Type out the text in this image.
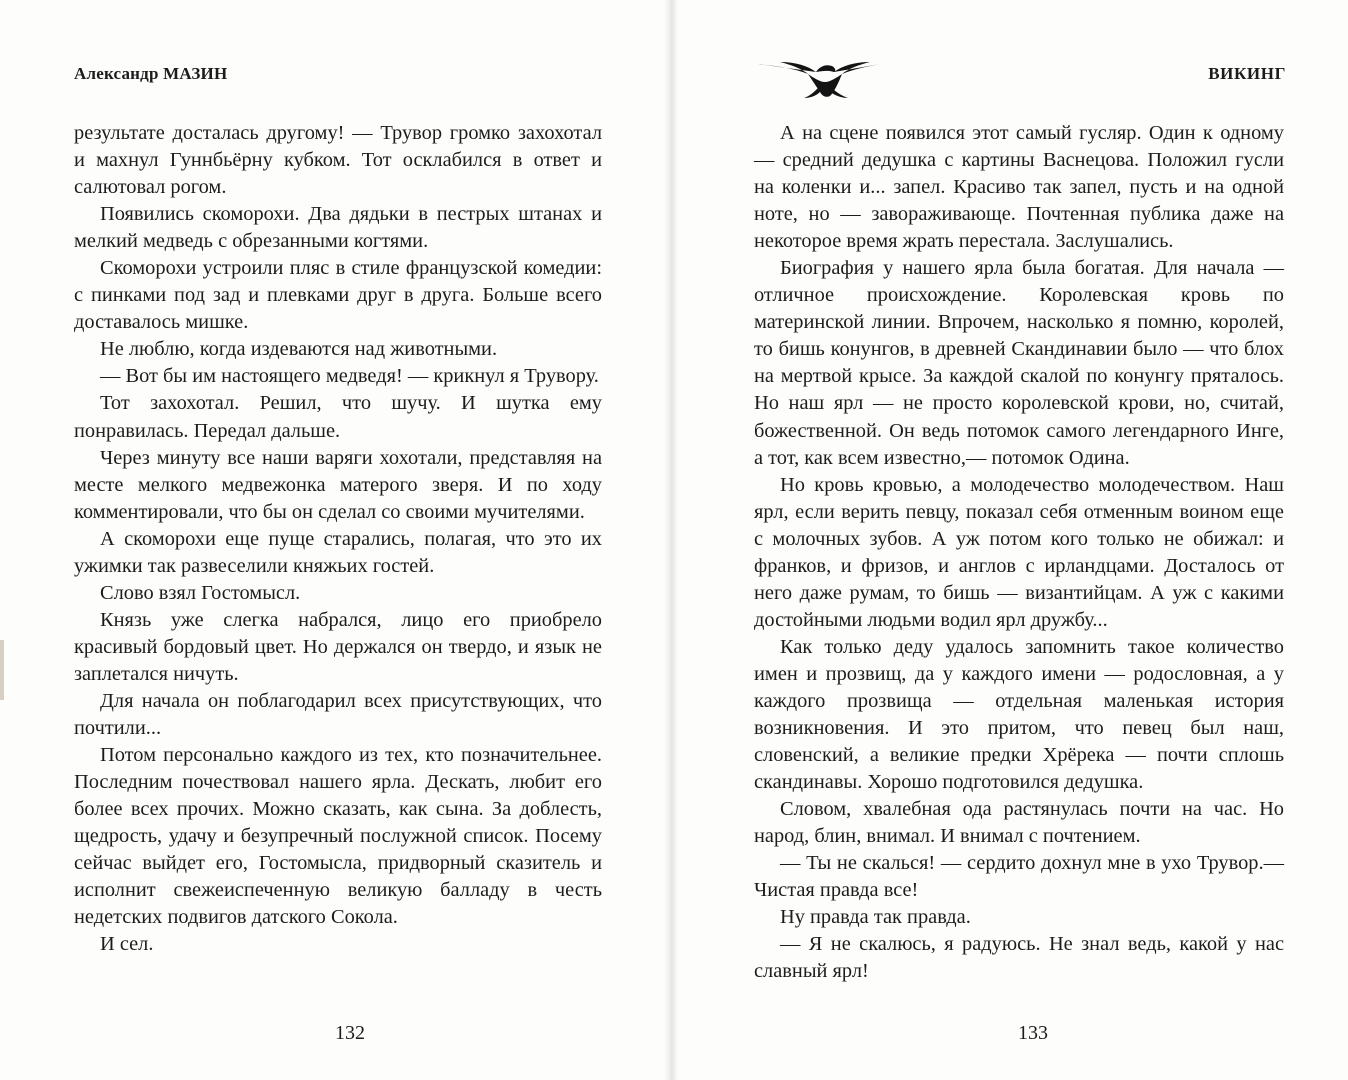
Александр МАЗИН

результате досталась другому! — Трувор громко захохотал и махнул Гуннбьёрну кубком. Тот осклабился в ответ и салютовал рогом.

Появились скоморохи. Два дядьки в пестрых штанах и мелкий медведь с обрезанными когтями.

Скоморохи устроили пляс в стиле французской комедии: с пинками под зад и плевками друг в друга. Больше всего доставалось мишке.

Не люблю, когда издеваются над животными.

— Вот бы им настоящего медведя! — крикнул я Трувору.

Тот захохотал. Решил, что шучу. И шутка ему понравилась. Передал дальше.

Через минуту все наши варяги хохотали, представляя на месте мелкого медвежонка матерого зверя. И по ходу комментировали, что бы он сделал со своими мучителями.

А скоморохи еще пуще старались, полагая, что это их ужимки так развеселили княжьих гостей.

Слово взял Гостомысл.

Князь уже слегка набрался, лицо его приобрело красивый бордовый цвет. Но держался он твердо, и язык не заплетался ничуть.

Для начала он поблагодарил всех присутствующих, что почтили...

Потом персонально каждого из тех, кто позначительнее. Последним почествовал нашего ярла. Дескать, любит его более всех прочих. Можно сказать, как сына. За доблесть, щедрость, удачу и безупречный послужной список. Посему сейчас выйдет его, Гостомысла, придворный сказитель и исполнит свежеиспеченную великую балладу в честь недетских подвигов датского Сокола.

И сел.

132
ВИКИНГ

А на сцене появился этот самый гусляр. Один к одному — средний дедушка с картины Васнецова. Положил гусли на коленки и... запел. Красиво так запел, пусть и на одной ноте, но — завораживающе. Почтенная публика даже на некоторое время жрать перестала. Заслушались.

Биография у нашего ярла была богатая. Для начала — отличное происхождение. Королевская кровь по материнской линии. Впрочем, насколько я помню, королей, то бишь конунгов, в древней Скандинавии было — что блох на мертвой крысе. За каждой скалой по конунгу пряталось. Но наш ярл — не просто королевской крови, но, считай, божественной. Он ведь потомок самого легендарного Инге, а тот, как всем известно,— потомок Одина.

Но кровь кровью, а молодечество молодечеством. Наш ярл, если верить певцу, показал себя отменным воином еще с молочных зубов. А уж потом кого только не обижал: и франков, и фризов, и англов с ирландцами. Досталось от него даже румам, то бишь — византийцам. А уж с какими достойными людьми водил ярл дружбу...

Как только деду удалось запомнить такое количество имен и прозвищ, да у каждого имени — родословная, а у каждого прозвища — отдельная маленькая история возникновения. И это притом, что певец был наш, словенский, а великие предки Хрёрека — почти сплошь скандинавы. Хорошо подготовился дедушка.

Словом, хвалебная ода растянулась почти на час. Но народ, блин, внимал. И внимал с почтением.

— Ты не скалься! — сердито дохнул мне в ухо Трувор.— Чистая правда все!

Ну правда так правда.

— Я не скалюсь, я радуюсь. Не знал ведь, какой у нас славный ярл!

133
